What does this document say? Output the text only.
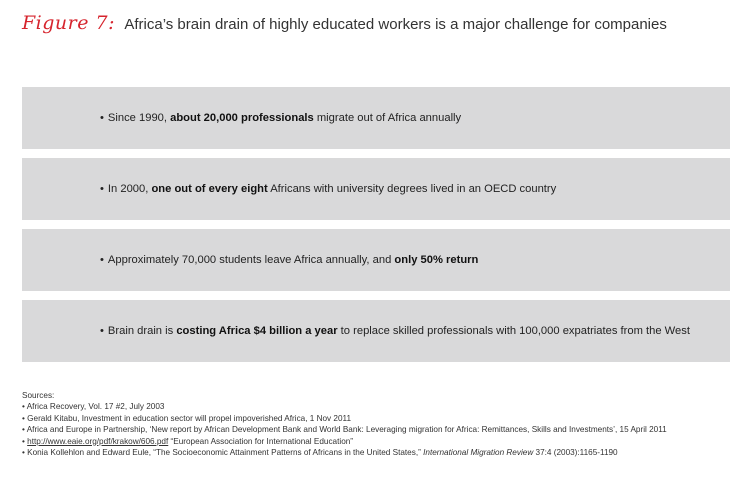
Figure 7: Africa’s brain drain of highly educated workers is a major challenge for companies
• Since 1990, about 20,000 professionals migrate out of Africa annually
• In 2000, one out of every eight Africans with university degrees lived in an OECD country
• Approximately 70,000 students leave Africa annually, and only 50% return
• Brain drain is costing Africa $4 billion a year to replace skilled professionals with 100,000 expatriates from the West
Sources:
• Africa Recovery, Vol. 17 #2, July 2003
• Gerald Kitabu, Investment in education sector will propel impoverished Africa, 1 Nov 2011
• Africa and Europe in Partnership, ‘New report by African Development Bank and World Bank: Leveraging migration for Africa: Remittances, Skills and Investments’, 15 April 2011
• http://www.eaie.org/pdf/krakow/606.pdf “European Association for International Education”
• Konia Kollehlon and Edward Eule, “The Socioeconomic Attainment Patterns of Africans in the United States,” International Migration Review 37:4 (2003):1165-1190
